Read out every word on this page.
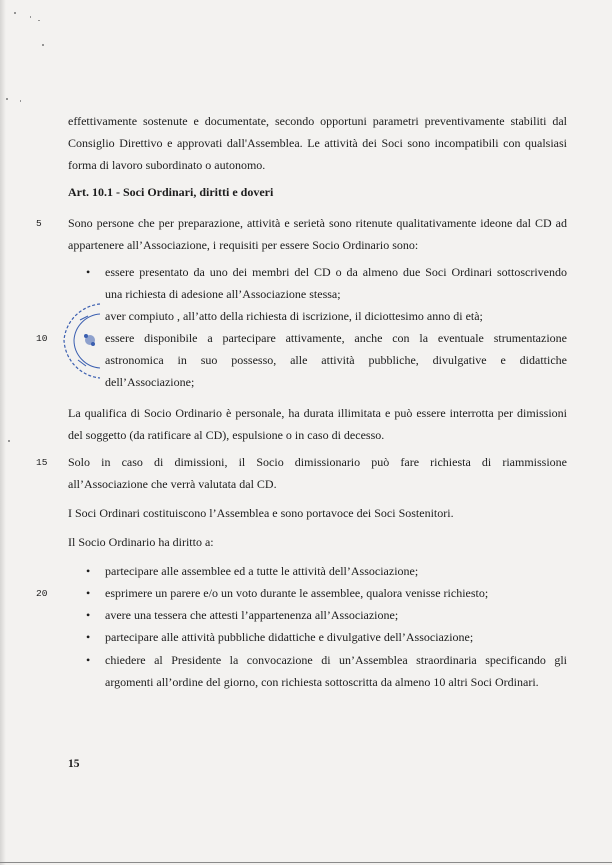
effettivamente sostenute e documentate, secondo opportuni parametri preventivamente stabiliti dal
Consiglio Direttivo e approvati dall'Assemblea. Le attività dei Soci sono incompatibili con qualsiasi
forma di lavoro subordinato o autonomo.
Art. 10.1 - Soci Ordinari, diritti e doveri
5 Sono persone che per preparazione, attività e serietà sono ritenute qualitativamente ideone dal CD ad
appartenere all’Associazione, i requisiti per essere Socio Ordinario sono:
• essere presentato da uno dei membri del CD o da almeno due Soci Ordinari sottoscrivendo
una richiesta di adesione all’Associazione stessa;
aver compiuto , all’atto della richiesta di iscrizione, il diciottesimo anno di età;
10	essere disponibile a partecipare attivamente, anche con la eventuale strumentazione
astronomica in suo possesso, alle attività pubbliche, divulgative e didattiche
dell’Associazione;
La qualifica di Socio Ordinario è personale, ha durata illimitata e può essere interrotta per dimissioni
del soggetto (da ratificare al CD), espulsione o in caso di decesso.
15 Solo in caso di dimissioni, il Socio dimissionario può fare richiesta di riammissione
all’Associazione che verrà valutata dal CD.
I Soci Ordinari costituiscono l’Assemblea e sono portavoce dei Soci Sostenitori.
Il Socio Ordinario ha diritto a:
• partecipare alle assemblee ed a tutte le attività dell’Associazione;
20	• esprimere un parere e/o un voto durante le assemblee, qualora venisse richiesto;
• avere una tessera che attesti l’appartenenza all’Associazione;
• partecipare alle attività pubbliche didattiche e divulgative dell’Associazione;
• chiedere al Presidente la convocazione di un’Assemblea straordinaria specificando gli
argomenti all’ordine del giorno, con richiesta sottoscritta da almeno 10 altri Soci Ordinari.
15
